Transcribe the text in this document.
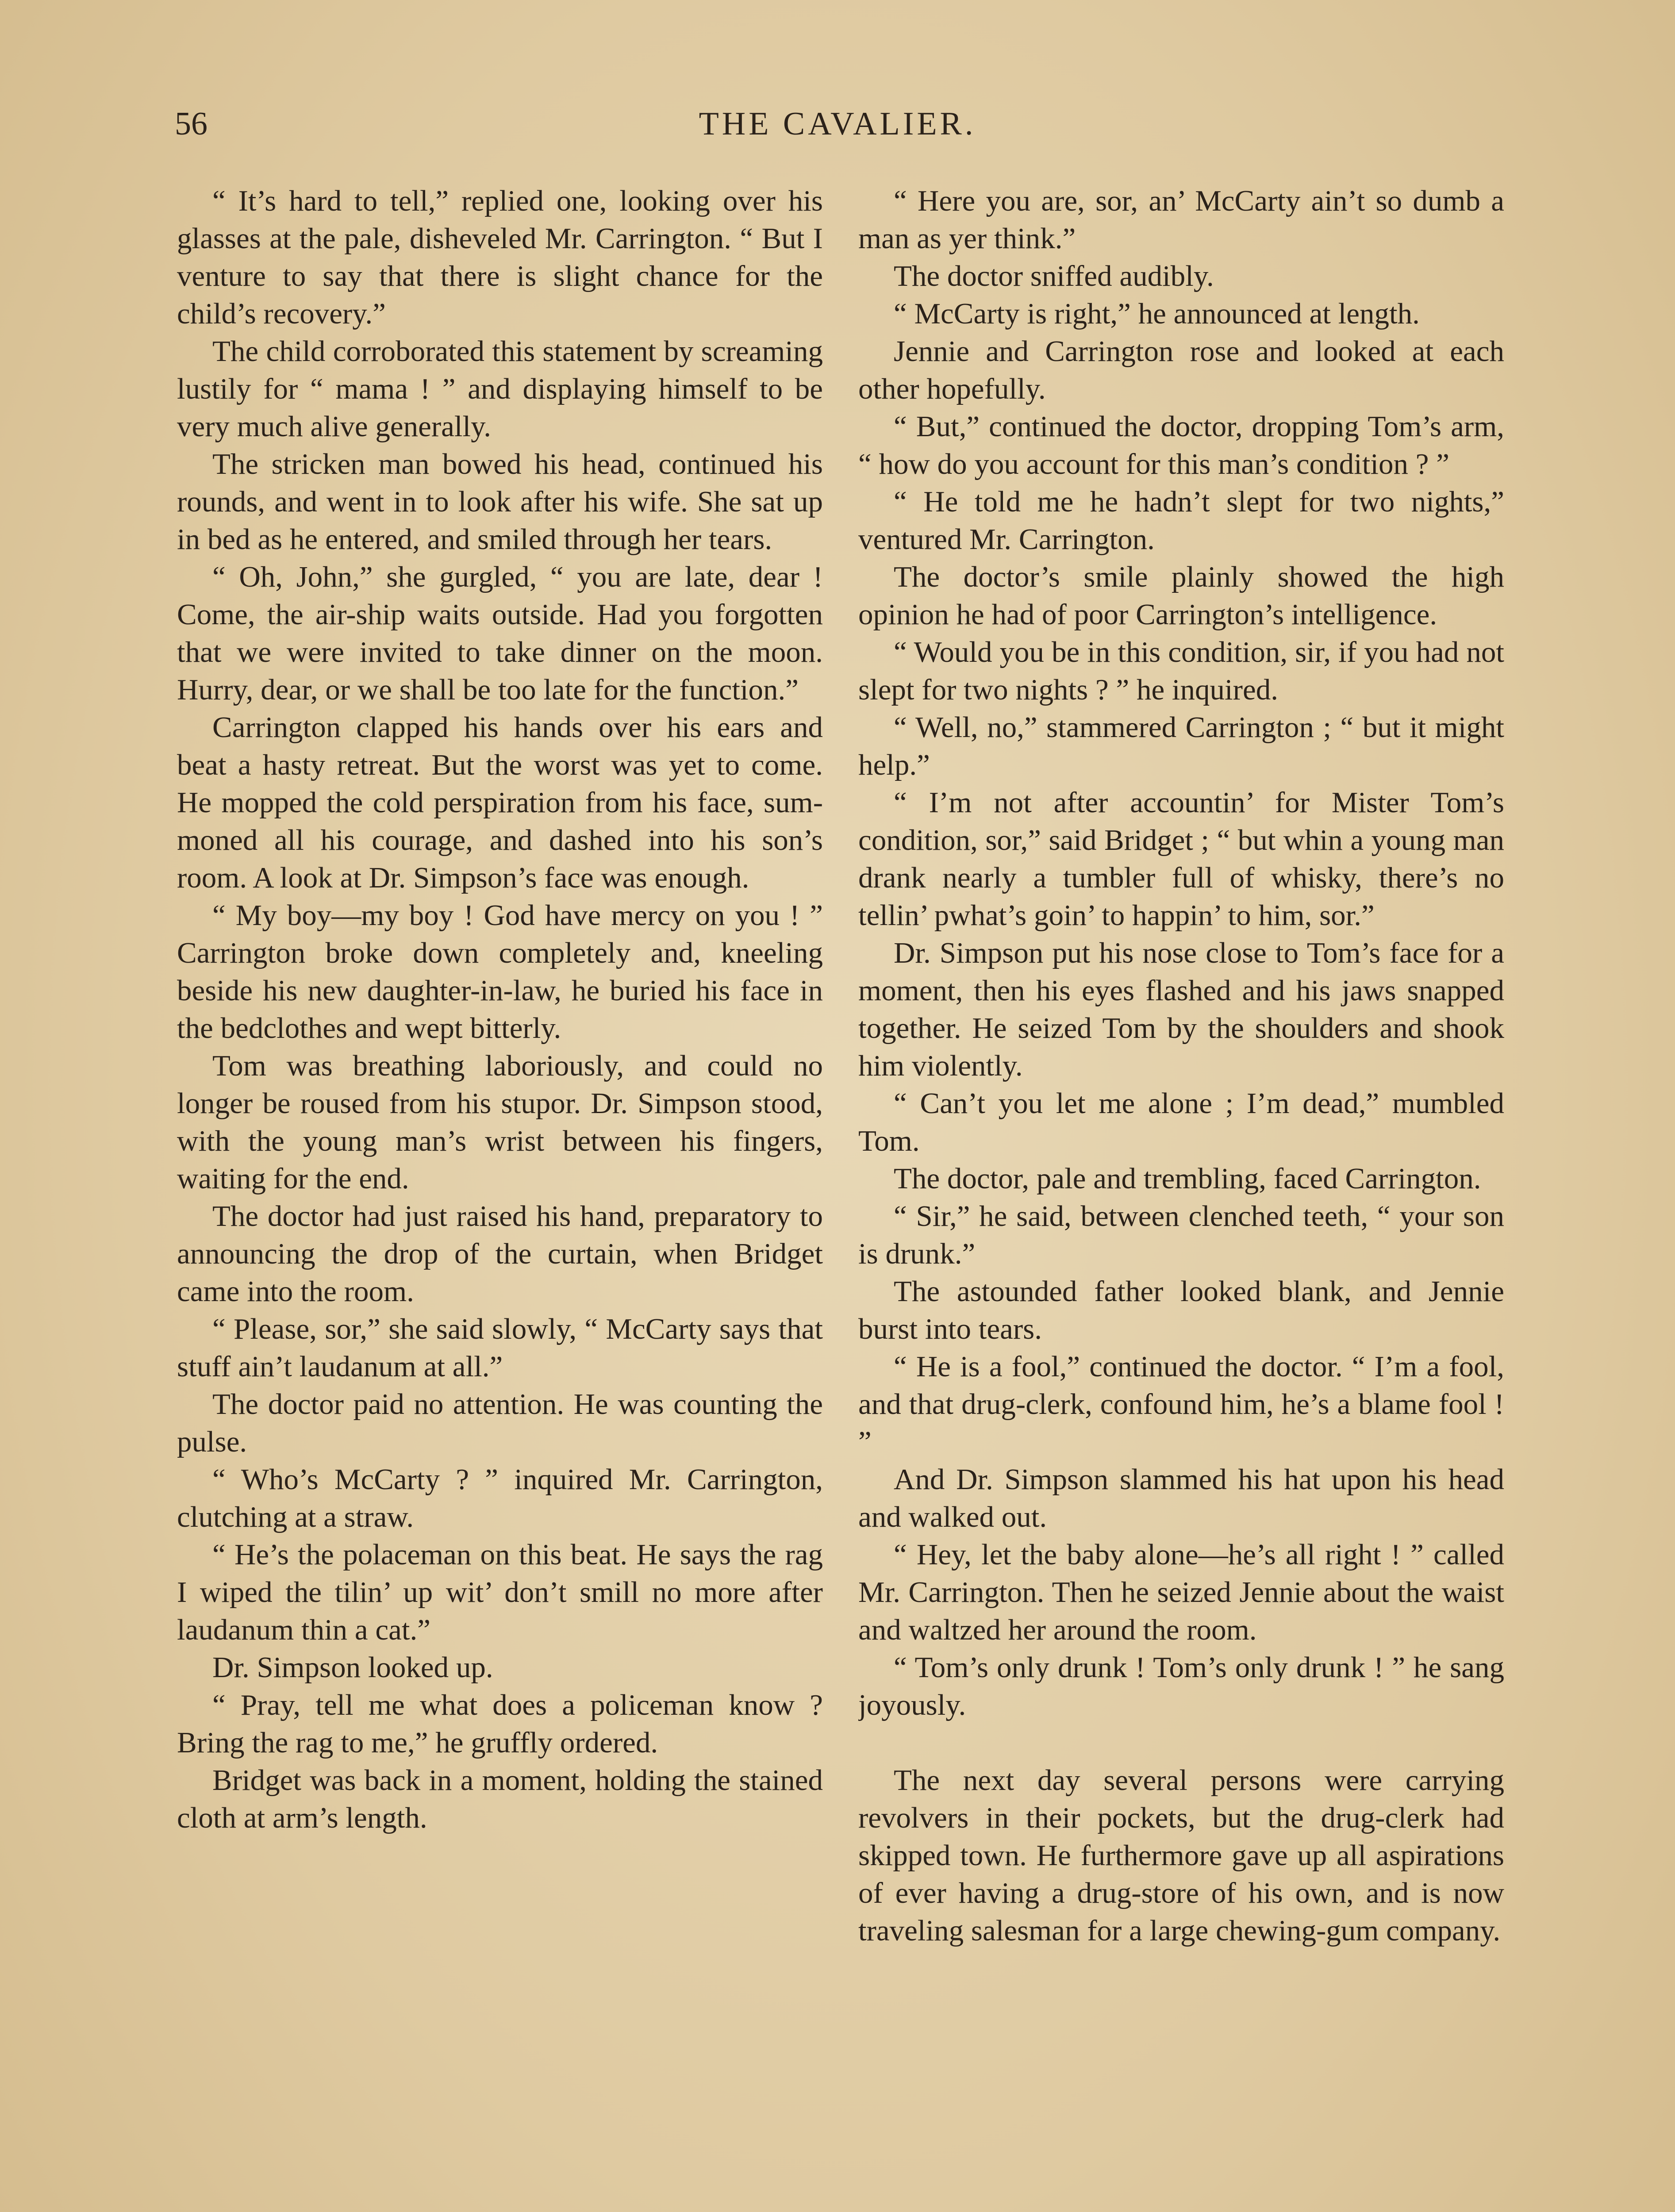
THE CAVALIER.
56

“ It’s hard to tell,” replied one, looking over his glasses at the pale, disheveled Mr. Carrington. “ But I venture to say that there is slight chance for the child’s recovery.”

The child corroborated this statement by screaming lustily for “ mama ! ” and displaying himself to be very much alive generally.

The stricken man bowed his head, continued his rounds, and went in to look after his wife. She sat up in bed as he entered, and smiled through her tears.

“ Oh, John,” she gurgled, “ you are late, dear ! Come, the air-ship waits outside. Had you forgotten that we were invited to take dinner on the moon. Hurry, dear, or we shall be too late for the function.”

Carrington clapped his hands over his ears and beat a hasty retreat. But the worst was yet to come. He mopped the cold perspiration from his face, summoned all his courage, and dashed into his son’s room. A look at Dr. Simpson’s face was enough.

“ My boy—my boy ! God have mercy on you ! ” Carrington broke down completely and, kneeling beside his new daughter-in-law, he buried his face in the bedclothes and wept bitterly.

Tom was breathing laboriously, and could no longer be roused from his stupor. Dr. Simpson stood, with the young man’s wrist between his fingers, waiting for the end.

The doctor had just raised his hand, preparatory to announcing the drop of the curtain, when Bridget came into the room.

“ Please, sor,” she said slowly, “ McCarty says that stuff ain’t laudanum at all.”

The doctor paid no attention. He was counting the pulse.

“ Who’s McCarty ? ” inquired Mr. Carrington, clutching at a straw.

“ He’s the polaceman on this beat. He says the rag I wiped the tilin’ up wit’ don’t smill no more after laudanum thin a cat.”

Dr. Simpson looked up.

“ Pray, tell me what does a policeman know ? Bring the rag to me,” he gruffly ordered.

Bridget was back in a moment, holding the stained cloth at arm’s length.

“ Here you are, sor, an’ McCarty ain’t so dumb a man as yer think.”

The doctor sniffed audibly.

“ McCarty is right,” he announced at length.

Jennie and Carrington rose and looked at each other hopefully.

“ But,” continued the doctor, dropping Tom’s arm, “ how do you account for this man’s condition ? ”

“ He told me he hadn’t slept for two nights,” ventured Mr. Carrington.

The doctor’s smile plainly showed the high opinion he had of poor Carrington’s intelligence.

“ Would you be in this condition, sir, if you had not slept for two nights ? ” he inquired.

“ Well, no,” stammered Carrington ; “ but it might help.”

“ I’m not after accountin’ for Mister Tom’s condition, sor,” said Bridget ; “ but whin a young man drank nearly a tumbler full of whisky, there’s no tellin’ pwhat’s goin’ to happin’ to him, sor.”

Dr. Simpson put his nose close to Tom’s face for a moment, then his eyes flashed and his jaws snapped together. He seized Tom by the shoulders and shook him violently.

“ Can’t you let me alone ; I’m dead,” mumbled Tom.

The doctor, pale and trembling, faced Carrington.

“ Sir,” he said, between clenched teeth, “ your son is drunk.”

The astounded father looked blank, and Jennie burst into tears.

“ He is a fool,” continued the doctor. “ I’m a fool, and that drug-clerk, confound him, he’s a blame fool ! ”

And Dr. Simpson slammed his hat upon his head and walked out.

“ Hey, let the baby alone—he’s all right ! ” called Mr. Carrington. Then he seized Jennie about the waist and waltzed her around the room.

“ Tom’s only drunk ! Tom’s only drunk ! ” he sang joyously.

The next day several persons were carrying revolvers in their pockets, but the drug-clerk had skipped town. He furthermore gave up all aspirations of ever having a drug-store of his own, and is now traveling salesman for a large chewing-gum company.
